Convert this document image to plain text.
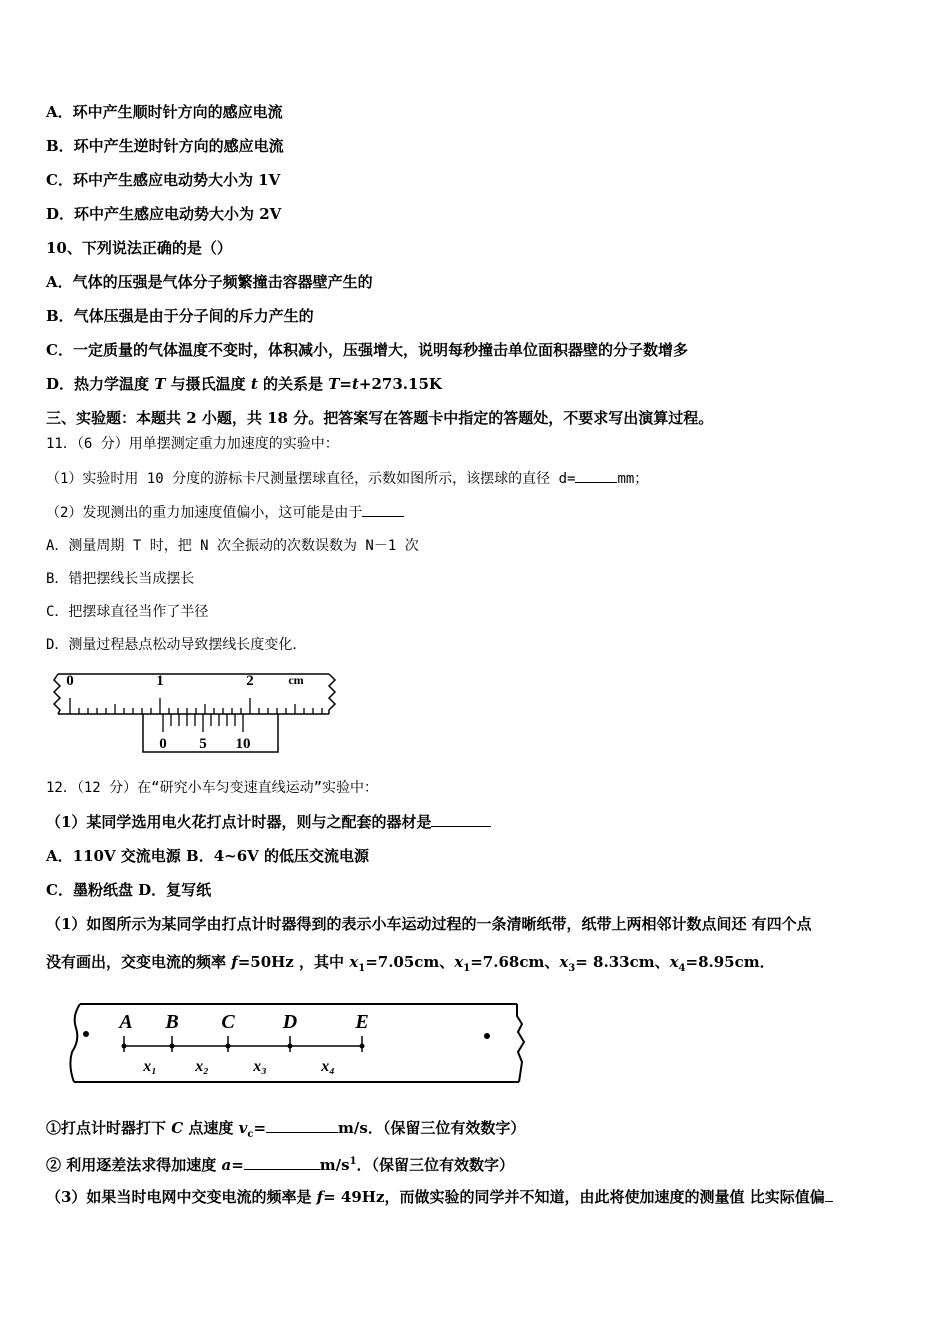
A．环中产生顺时针方向的感应电流
B．环中产生逆时针方向的感应电流
C．环中产生感应电动势大小为 1V
D．环中产生感应电动势大小为 2V
10、下列说法正确的是（）
A．气体的压强是气体分子频繁撞击容器壁产生的
B．气体压强是由于分子间的斥力产生的
C．一定质量的气体温度不变时，体积减小，压强增大，说明每秒撞击单位面积器壁的分子数增多
D．热力学温度 T 与摄氏温度 t 的关系是 T=t+273.15K
三、实验题：本题共 2 小题，共 18 分。把答案写在答题卡中指定的答题处，不要求写出演算过程。
11．（6 分）用单摆测定重力加速度的实验中：
（1）实验时用 10 分度的游标卡尺测量摆球直径，示数如图所示，该摆球的直径 d=	mm；
（2）发现测出的重力加速度值偏小，这可能是由于
A．测量周期 T 时，把 N 次全振动的次数误数为 N－1 次
B．错把摆线长当成摆长
C．把摆球直径当作了半径
D．测量过程悬点松动导致摆线长度变化．
0	1	2	cm
0 5 10
12．（12 分）在“研究小车匀变速直线运动”实验中：
（1）某同学选用电火花打点计时器，则与之配套的器材是
A．110V 交流电源 B．4~6V 的低压交流电源
C．墨粉纸盘 D．复写纸
（1）如图所示为某同学由打点计时器得到的表示小车运动过程的一条清晰纸带，纸带上两相邻计数点间还 有四个点
没有画出，交变电流的频率 f=50Hz ，其中 $x_1=7.05cm$、$x_1=7.68cm$、$x_3= 8.33cm$、$x_4=8.95cm$．
A B C D	E
x₁ x₂	x₃	x₄
①打点计时器打下 C 点速度 $v_c=$	m/s．（保留三位有效数字）
② 利用逐差法求得加速度 a=	$m/s^1$．（保留三位有效数字）
（3）如果当时电网中交变电流的频率是 f= 49Hz，而做实验的同学并不知道，由此将使加速度的测量值 比实际值偏
